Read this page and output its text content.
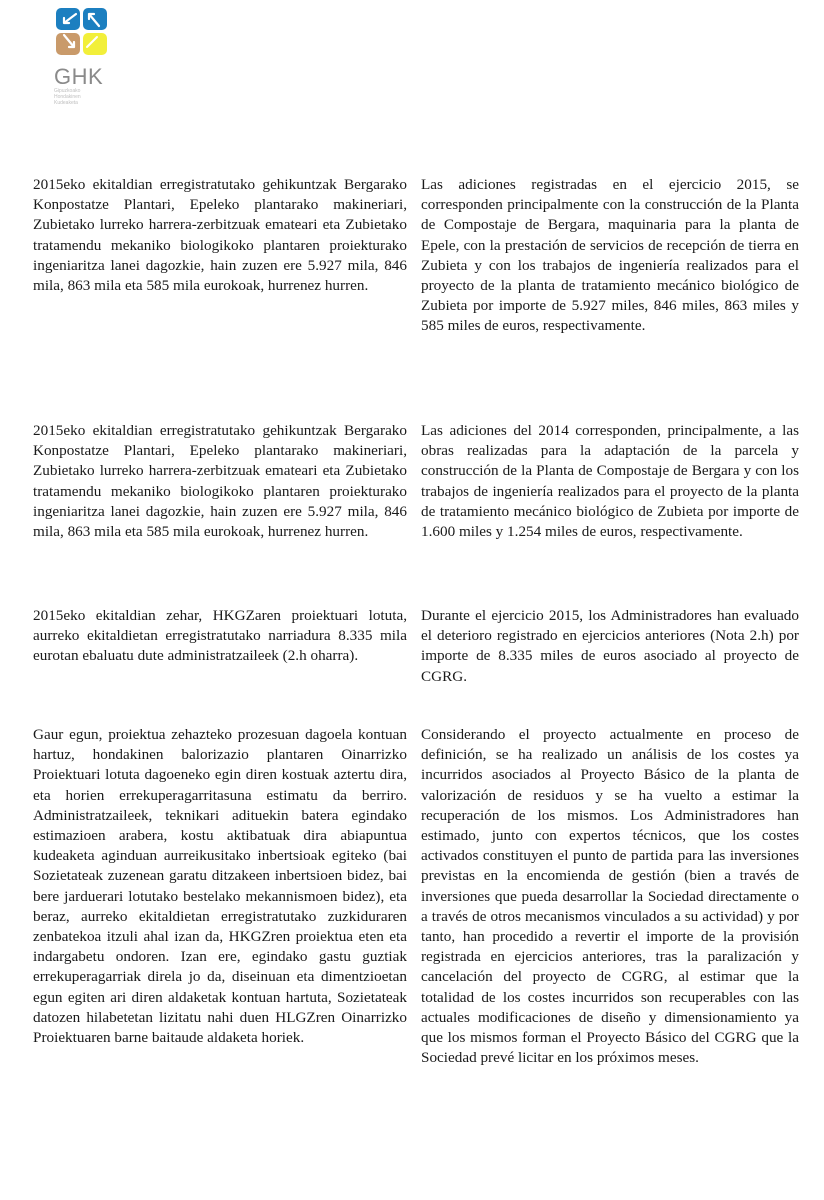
GHK
Gipuzkoako
Hondakinen
Kudeaketa

2015eko ekitaldian erregistratutako gehikuntzak Bergarako Konpostatze Plantari, Epeleko plantarako makineriari, Zubietako lurreko harrera-zerbitzuak emateari eta Zubietako tratamendu mekaniko biologikoko plantaren proiekturako ingeniaritza lanei dagozkie, hain zuzen ere 5.927 mila, 846 mila, 863 mila eta 585 mila eurokoak, hurrenez hurren.

Las adiciones registradas en el ejercicio 2015, se corresponden principalmente con la construcción de la Planta de Compostaje de Bergara, maquinaria para la planta de Epele, con la prestación de servicios de recepción de tierra en Zubieta y con los trabajos de ingeniería realizados para el proyecto de la planta de tratamiento mecánico biológico de Zubieta por importe de 5.927 miles, 846 miles, 863 miles y 585 miles de euros, respectivamente.

2015eko ekitaldian erregistratutako gehikuntzak Bergarako Konpostatze Plantari, Epeleko plantarako makineriari, Zubietako lurreko harrera-zerbitzuak emateari eta Zubietako tratamendu mekaniko biologikoko plantaren proiekturako ingeniaritza lanei dagozkie, hain zuzen ere 5.927 mila, 846 mila, 863 mila eta 585 mila eurokoak, hurrenez hurren.

Las adiciones del 2014 corresponden, principalmente, a las obras realizadas para la adaptación de la parcela y construcción de la Planta de Compostaje de Bergara y con los trabajos de ingeniería realizados para el proyecto de la planta de tratamiento mecánico biológico de Zubieta por importe de 1.600 miles y 1.254 miles de euros, respectivamente.

2015eko ekitaldian zehar, HKGZaren proiektuari lotuta, aurreko ekitaldietan erregistratutako narriadura 8.335 mila eurotan ebaluatu dute administratzaileek (2.h oharra).

Durante el ejercicio 2015, los Administradores han evaluado el deterioro registrado en ejercicios anteriores (Nota 2.h) por importe de 8.335 miles de euros asociado al proyecto de CGRG.

Gaur egun, proiektua zehazteko prozesuan dagoela kontuan hartuz, hondakinen balorizazio plantaren Oinarrizko Proiektuari lotuta dagoeneko egin diren kostuak aztertu dira, eta horien errekuperagarritasuna estimatu da berriro. Administratzaileek, teknikari adituekin batera egindako estimazioen arabera, kostu aktibatuak dira abiapuntua kudeaketa aginduan aurreikusitako inbertsioak egiteko (bai Sozietateak zuzenean garatu ditzakeen inbertsioen bidez, bai bere jarduerari lotutako bestelako mekannismoen bidez), eta beraz, aurreko ekitaldietan erregistratutako zuzkiduraren zenbatekoa itzuli ahal izan da, HKGZren proiektua eten eta indargabetu ondoren. Izan ere, egindako gastu guztiak errekuperagarriak direla jo da, diseinuan eta dimentzioetan egun egiten ari diren aldaketak kontuan hartuta, Sozietateak datozen hilabetetan lizitatu nahi duen HLGZren Oinarrizko Proiektuaren barne baitaude aldaketa horiek.

Considerando el proyecto actualmente en proceso de definición, se ha realizado un análisis de los costes ya incurridos asociados al Proyecto Básico de la planta de valorización de residuos y se ha vuelto a estimar la recuperación de los mismos. Los Administradores han estimado, junto con expertos técnicos, que los costes activados constituyen el punto de partida para las inversiones previstas en la encomienda de gestión (bien a través de inversiones que pueda desarrollar la Sociedad directamente o a través de otros mecanismos vinculados a su actividad) y por tanto, han procedido a revertir el importe de la provisión registrada en ejercicios anteriores, tras la paralización y cancelación del proyecto de CGRG, al estimar que la totalidad de los costes incurridos son recuperables con las actuales modificaciones de diseño y dimensionamiento ya que los mismos forman el Proyecto Básico del CGRG que la Sociedad prevé licitar en los próximos meses.
